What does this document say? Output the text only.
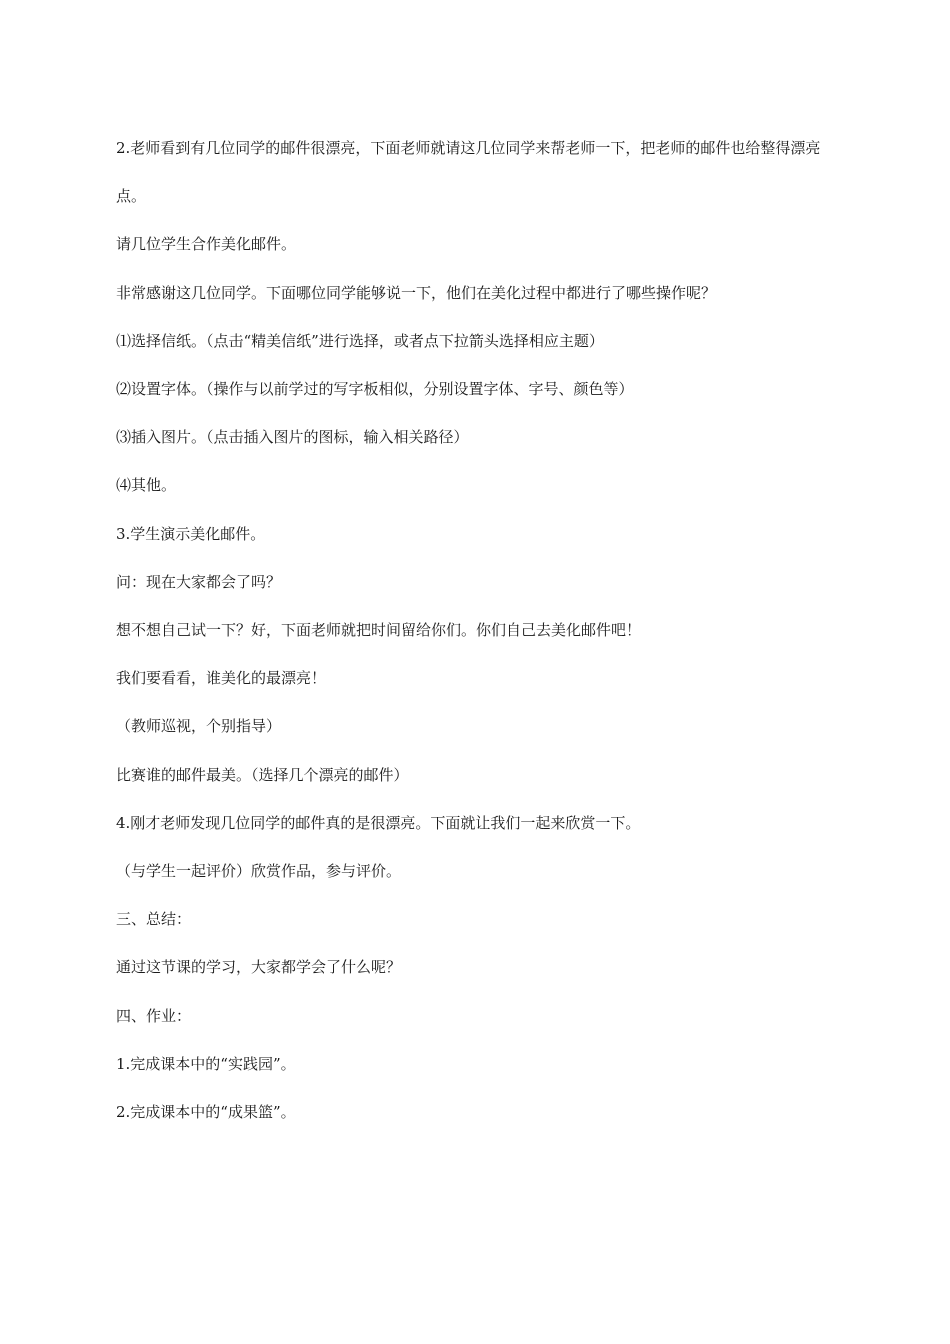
2.老师看到有几位同学的邮件很漂亮，下面老师就请这几位同学来帮老师一下，把老师的邮件也给整得漂亮点。

请几位学生合作美化邮件。

非常感谢这几位同学。下面哪位同学能够说一下，他们在美化过程中都进行了哪些操作呢？

⑴选择信纸。（点击“精美信纸”进行选择，或者点下拉箭头选择相应主题）

⑵设置字体。（操作与以前学过的写字板相似，分别设置字体、字号、颜色等）

⑶插入图片。（点击插入图片的图标，输入相关路径）

⑷其他。

3.学生演示美化邮件。

问：现在大家都会了吗？

想不想自己试一下？好，下面老师就把时间留给你们。你们自己去美化邮件吧！

我们要看看，谁美化的最漂亮！

（教师巡视，个别指导）

比赛谁的邮件最美。（选择几个漂亮的邮件）

4.刚才老师发现几位同学的邮件真的是很漂亮。下面就让我们一起来欣赏一下。

（与学生一起评价）欣赏作品，参与评价。

三、总结：

通过这节课的学习，大家都学会了什么呢？

四、作业：

1.完成课本中的“实践园”。

2.完成课本中的“成果篮”。
